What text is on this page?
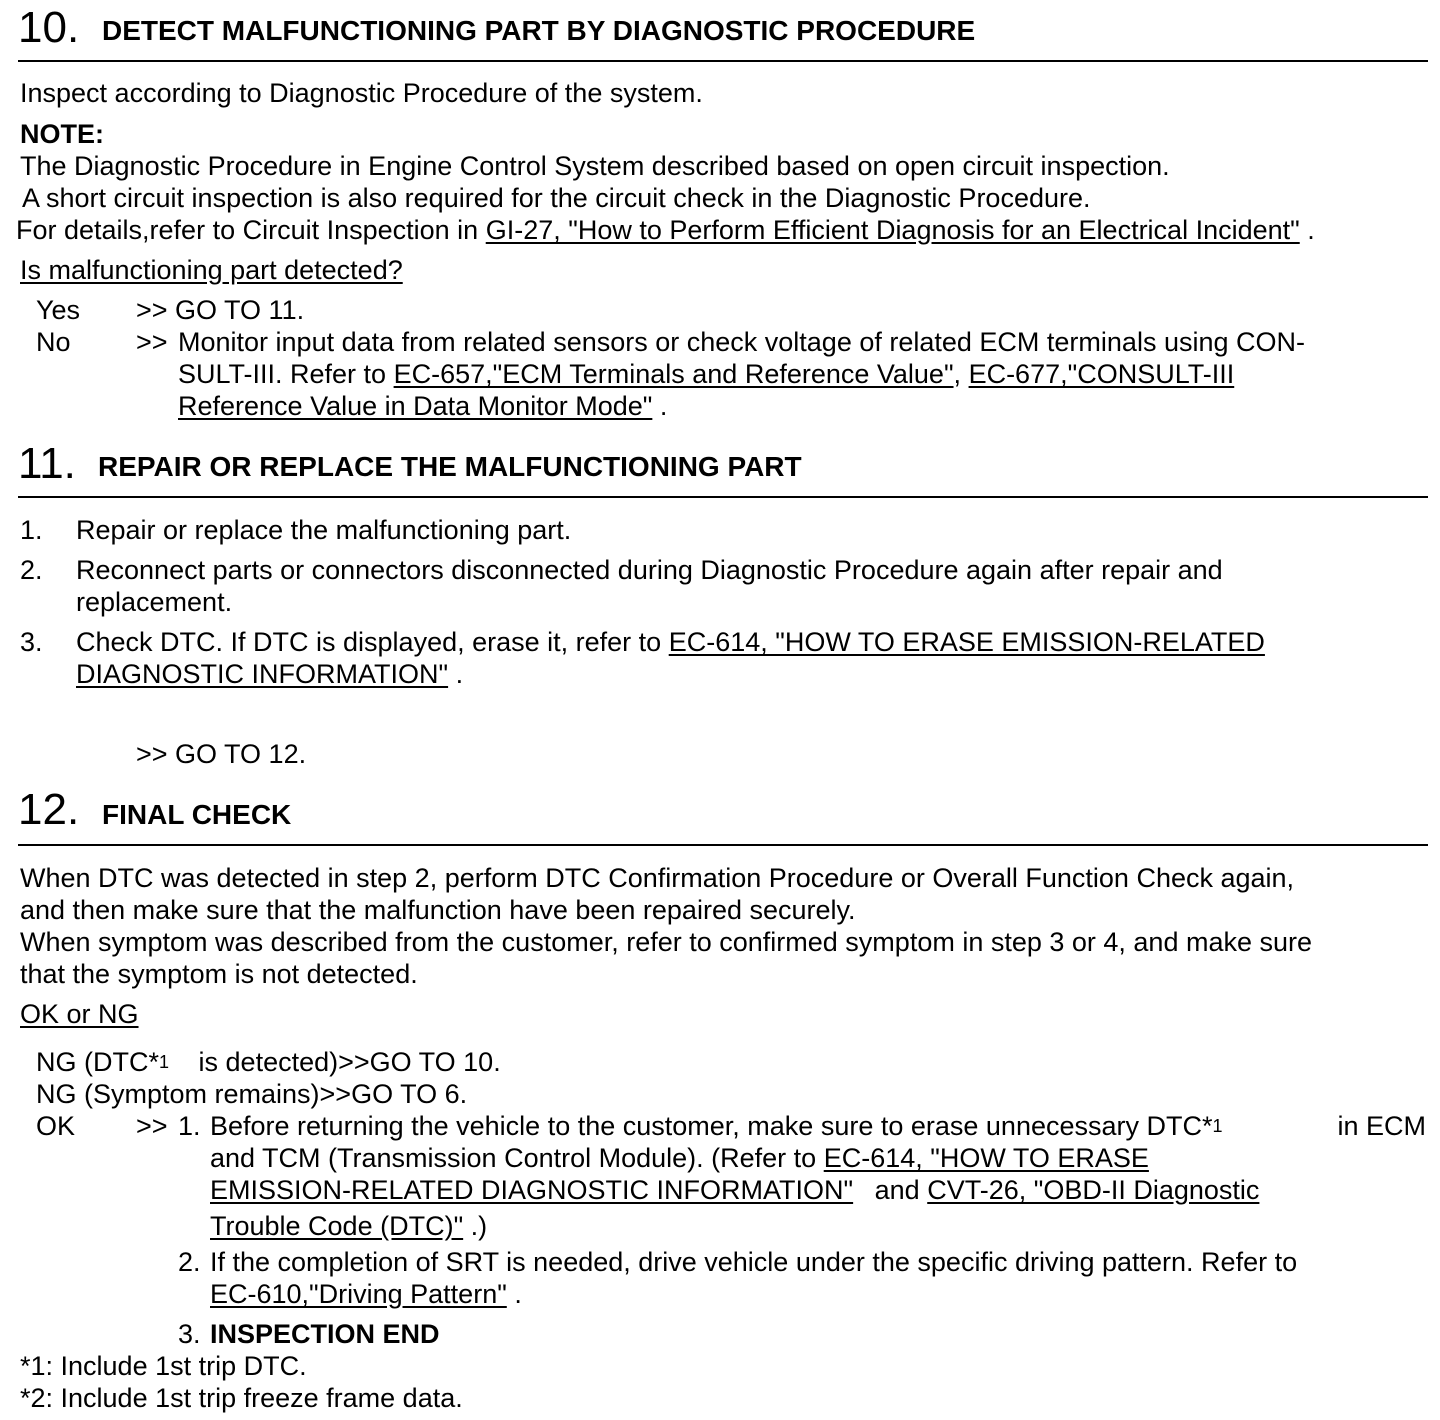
10. DETECT MALFUNCTIONING PART BY DIAGNOSTIC PROCEDURE
Inspect according to Diagnostic Procedure of the system.
NOTE:
The Diagnostic Procedure in Engine Control System described based on open circuit inspection.
A short circuit inspection is also required for the circuit check in the Diagnostic Procedure.
For details,refer to Circuit Inspection in GI-27, "How to Perform Efficient Diagnosis for an Electrical Incident" .
Is malfunctioning part detected?
Yes >> GO TO 11.
No >> Monitor input data from related sensors or check voltage of related ECM terminals using CON-
SULT-III. Refer to EC-657,"ECM Terminals and Reference Value", EC-677,"CONSULT-III
Reference Value in Data Monitor Mode" .
11. REPAIR OR REPLACE THE MALFUNCTIONING PART
1. Repair or replace the malfunctioning part.
2. Reconnect parts or connectors disconnected during Diagnostic Procedure again after repair and
replacement.
3. Check DTC. If DTC is displayed, erase it, refer to EC-614, "HOW TO ERASE EMISSION-RELATED
DIAGNOSTIC INFORMATION" .
>> GO TO 12.
12. FINAL CHECK
When DTC was detected in step 2, perform DTC Confirmation Procedure or Overall Function Check again,
and then make sure that the malfunction have been repaired securely.
When symptom was described from the customer, refer to confirmed symptom in step 3 or 4, and make sure
that the symptom is not detected.
OK or NG
NG (DTC*$^1$ is detected)>>GO TO 10.
NG (Symptom remains)>>GO TO 6.
OK >> 1. Before returning the vehicle to the customer, make sure to erase unnecessary DTC*$^1$	in ECM
and TCM (Transmission Control Module). (Refer to EC-614, "HOW TO ERASE
EMISSION-RELATED DIAGNOSTIC INFORMATION" and CVT-26, "OBD-II Diagnostic
Trouble Code (DTC)" .)
2. If the completion of SRT is needed, drive vehicle under the specific driving pattern. Refer to
EC-610,"Driving Pattern" .
3. INSPECTION END
*1: Include 1st trip DTC.
*2: Include 1st trip freeze frame data.
